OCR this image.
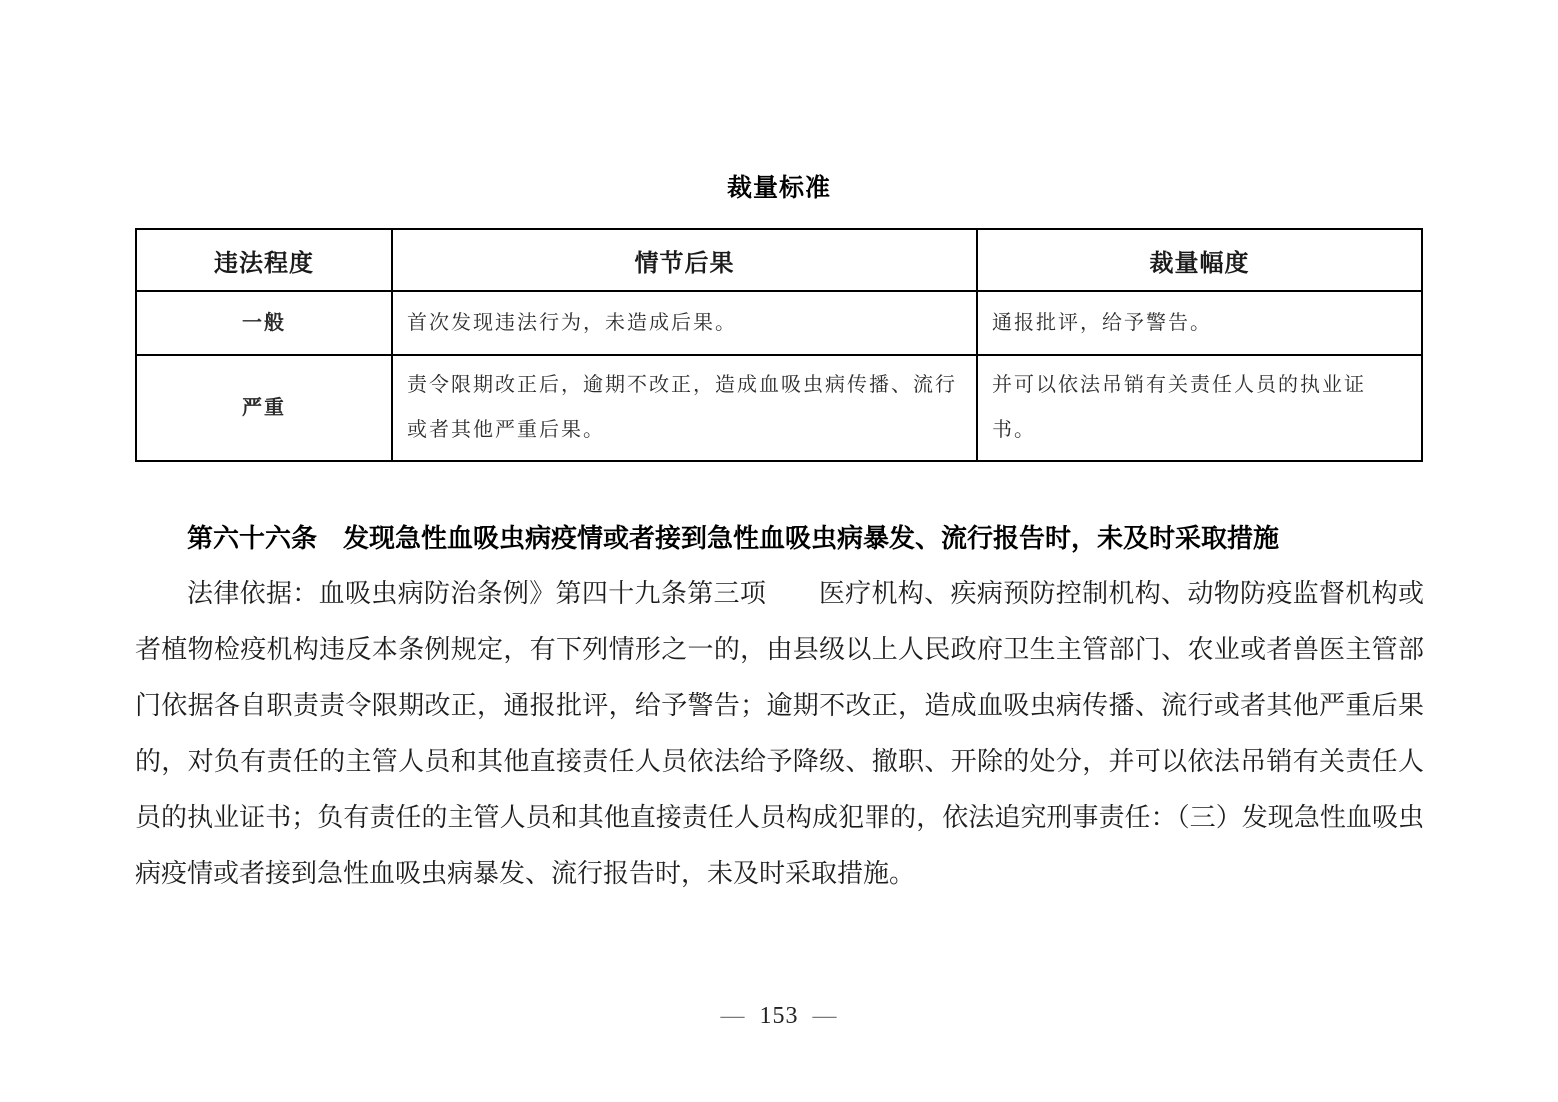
裁量标准
违法程度	情节后果	裁量幅度
一般	首次发现违法行为，未造成后果。	通报批评，给予警告。
严重	责令限期改正后，逾期不改正，造成血吸虫病传播、流行或者其他严重后果。	并可以依法吊销有关责任人员的执业证书。

第六十六条　发现急性血吸虫病疫情或者接到急性血吸虫病暴发、流行报告时，未及时采取措施

法律依据：血吸虫病防治条例》第四十九条第三项　　医疗机构、疾病预防控制机构、动物防疫监督机构或者植物检疫机构违反本条例规定，有下列情形之一的，由县级以上人民政府卫生主管部门、农业或者兽医主管部门依据各自职责责令限期改正，通报批评，给予警告；逾期不改正，造成血吸虫病传播、流行或者其他严重后果的，对负有责任的主管人员和其他直接责任人员依法给予降级、撤职、开除的处分，并可以依法吊销有关责任人员的执业证书；负有责任的主管人员和其他直接责任人员构成犯罪的，依法追究刑事责任：（三）发现急性血吸虫病疫情或者接到急性血吸虫病暴发、流行报告时，未及时采取措施。

— 153 —
